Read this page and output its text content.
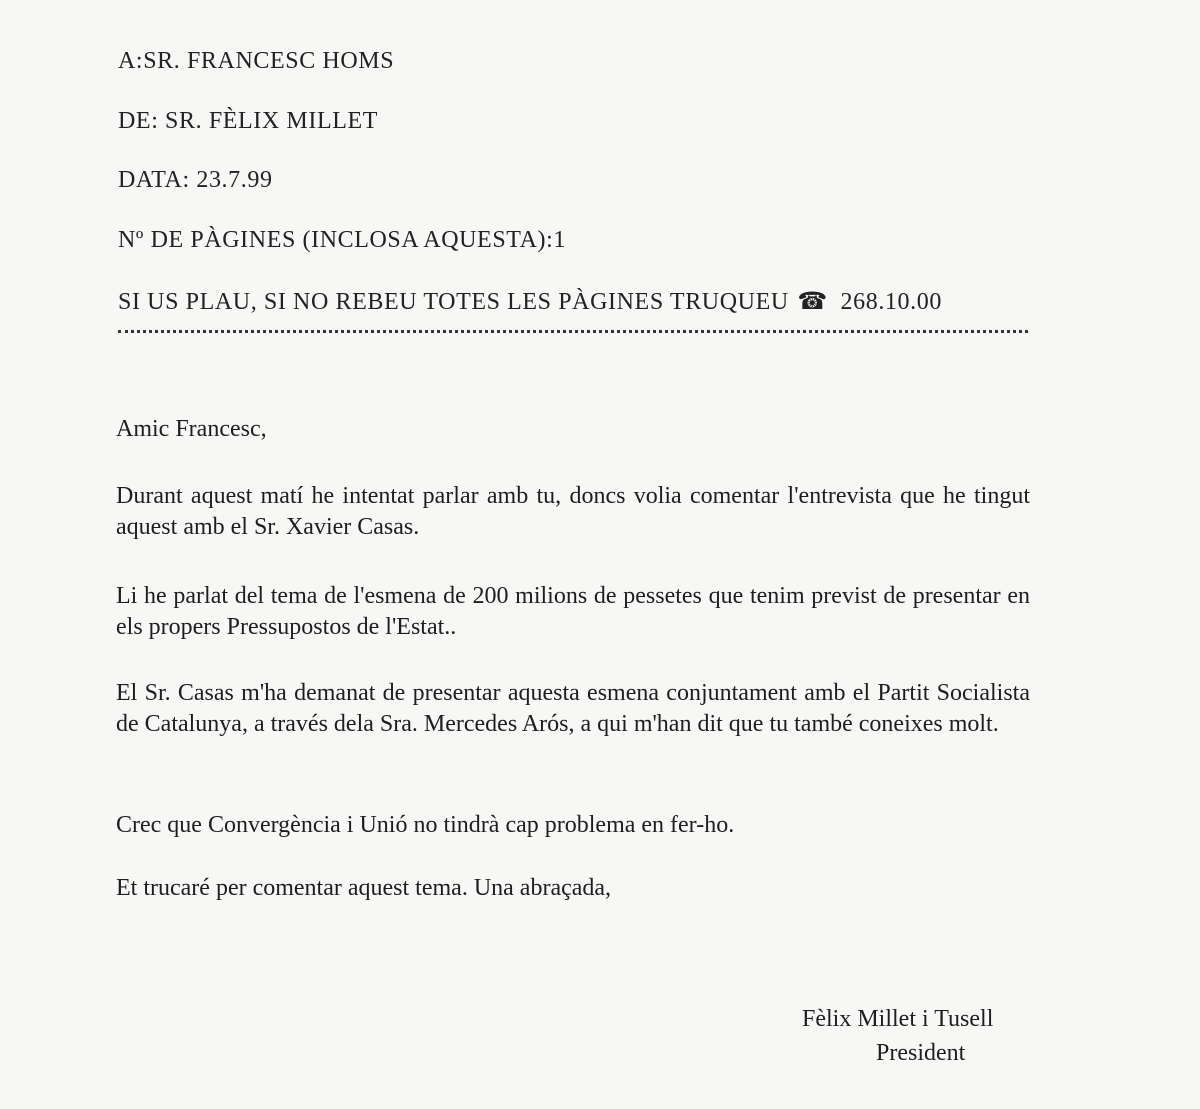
A:SR. FRANCESC HOMS
DE: SR. FÈLIX MILLET
DATA: 23.7.99
Nº DE PÀGINES (INCLOSA AQUESTA):1
SI US PLAU, SI NO REBEU TOTES LES PÀGINES TRUQUEU ☎ 268.10.00

Amic Francesc,

Durant aquest matí he intentat parlar amb tu, doncs volia comentar l'entrevista que he tingut aquest amb el Sr. Xavier Casas.

Li he parlat del tema de l'esmena de 200 milions de pessetes que tenim previst de presentar en els propers Pressupostos de l'Estat..

El Sr. Casas m'ha demanat de presentar aquesta esmena conjuntament amb el Partit Socialista de Catalunya, a través dela Sra. Mercedes Arós, a qui m'han dit que tu també coneixes molt.

Crec que Convergència i Unió no tindrà cap problema en fer-ho.

Et trucaré per comentar aquest tema. Una abraçada,

Fèlix Millet i Tusell
President
